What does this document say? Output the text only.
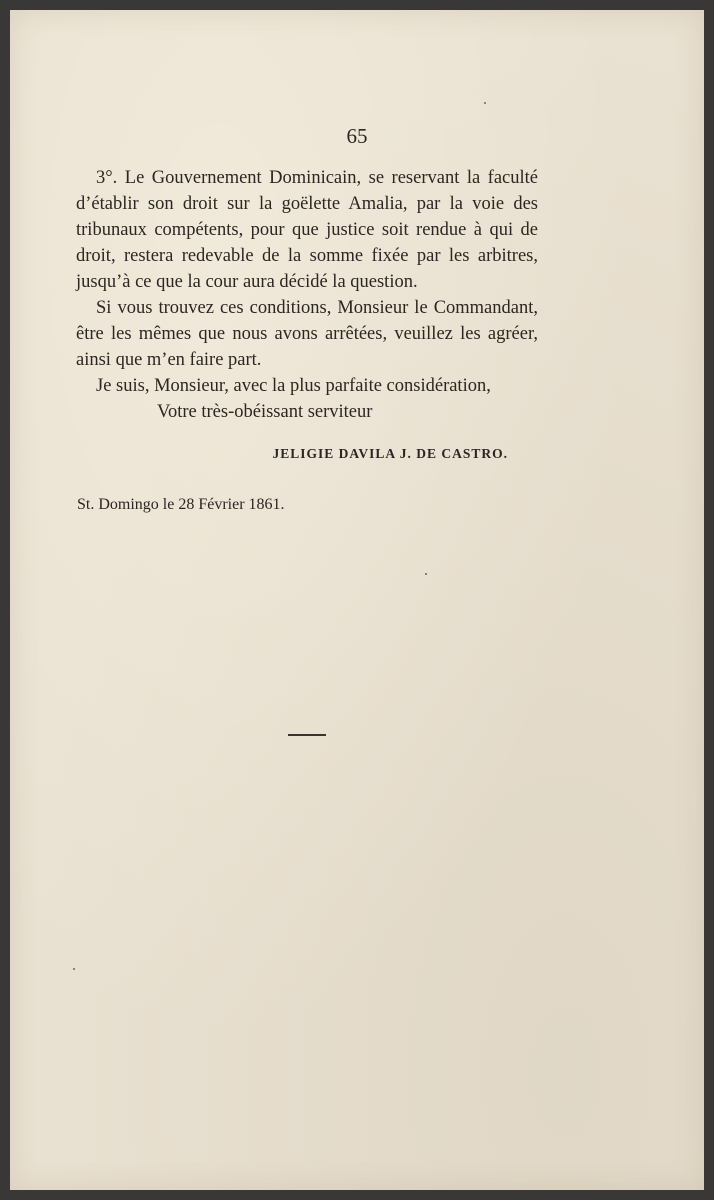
65

3°. Le Gouvernement Dominicain, se reservant la faculté d’établir son droit sur la goëlette Amalia, par la voie des tribunaux compétents, pour que justice soit rendue à qui de droit, restera redevable de la somme fixée par les arbitres, jusqu’à ce que la cour aura décidé la question.

Si vous trouvez ces conditions, Monsieur le Commandant, être les mêmes que nous avons arrêtées, veuillez les agréer, ainsi que m’en faire part.

Je suis, Monsieur, avec la plus parfaite considération,

Votre très-obéissant serviteur
JELIGIE DAVILA J. DE CASTRO.
St. Domingo le 28 Février 1861.
